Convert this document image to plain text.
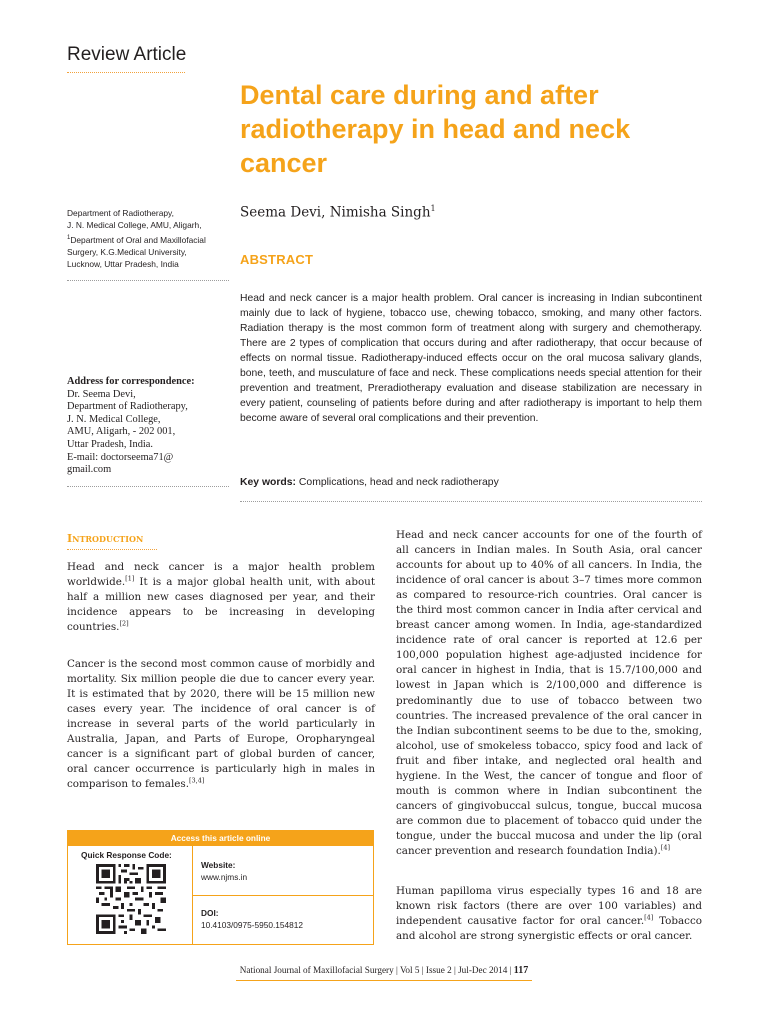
Review Article
Dental care during and after radiotherapy in head and neck cancer
Seema Devi, Nimisha Singh$^1$
Department of Radiotherapy,
J. N. Medical College, AMU, Aligarh,
$^1$Department of Oral and Maxillofacial
Surgery, K.G.Medical University,
Lucknow, Uttar Pradesh, India	ABSTRACT
Head and neck cancer is a major health problem. Oral cancer is increasing in Indian subcontinent mainly due to lack of hygiene, tobacco use, chewing tobacco, smoking, and many other factors. Radiation therapy is the most common form of treatment along with surgery and chemotherapy. There are 2 types of complication that occurs during and after radiotherapy, that occur because of effects on normal tissue. Radiotherapy-induced effects occur on the oral mucosa salivary glands, bone, teeth, and musculature of face and neck. These complications needs special attention for their prevention and treatment, Preradiotherapy evaluation and disease stabilization are necessary in every patient, counseling of patients before during and after radiotherapy is important to help them become aware of several oral complications and their prevention.
Address for correspondence:
Dr. Seema Devi,
Department of Radiotherapy,
J. N. Medical College,
AMU, Aligarh, - 202 001,
Uttar Pradesh, India.
E-mail: doctorseema71@
gmail.com
Key words: Complications, head and neck radiotherapy
Introduction

Head and neck cancer is a major health problem worldwide.[1] It is a major global health unit, with about half a million new cases diagnosed per year, and their incidence appears to be increasing in developing countries.[2]

Cancer is the second most common cause of morbidly and mortality. Six million people die due to cancer every year. It is estimated that by 2020, there will be 15 million new cases every year. The incidence of oral cancer is of increase in several parts of the world particularly in Australia, Japan, and Parts of Europe, Oropharyngeal cancer is a significant part of global burden of cancer, oral cancer occurrence is particularly high in males in comparison to females.[3,4]

Access this article online
Quick Response Code:
Website:
www.njms.in
DOI:
10.4103/0975-5950.154812

Head and neck cancer accounts for one of the fourth of all cancers in Indian males. In South Asia, oral cancer accounts for about up to 40% of all cancers. In India, the incidence of oral cancer is about 3–7 times more common as compared to resource-rich countries. Oral cancer is the third most common cancer in India after cervical and breast cancer among women. In India, age-standardized incidence rate of oral cancer is reported at 12.6 per 100,000 population highest age-adjusted incidence for oral cancer in highest in India, that is 15.7/100,000 and lowest in Japan which is 2/100,000 and difference is predominantly due to use of tobacco between two countries. The increased prevalence of the oral cancer in the Indian subcontinent seems to be due to the, smoking, alcohol, use of smokeless tobacco, spicy food and lack of fruit and fiber intake, and neglected oral health and hygiene. In the West, the cancer of tongue and floor of mouth is common where in Indian subcontinent the cancers of gingivobuccal sulcus, tongue, buccal mucosa are common due to placement of tobacco quid under the tongue, under the buccal mucosa and under the lip (oral cancer prevention and research foundation India).[4]

Human papilloma virus especially types 16 and 18 are known risk factors (there are over 100 variables) and independent causative factor for oral cancer.[4] Tobacco and alcohol are strong synergistic effects or oral cancer.

National Journal of Maxillofacial Surgery | Vol 5 | Issue 2 | Jul-Dec 2014 | 117
